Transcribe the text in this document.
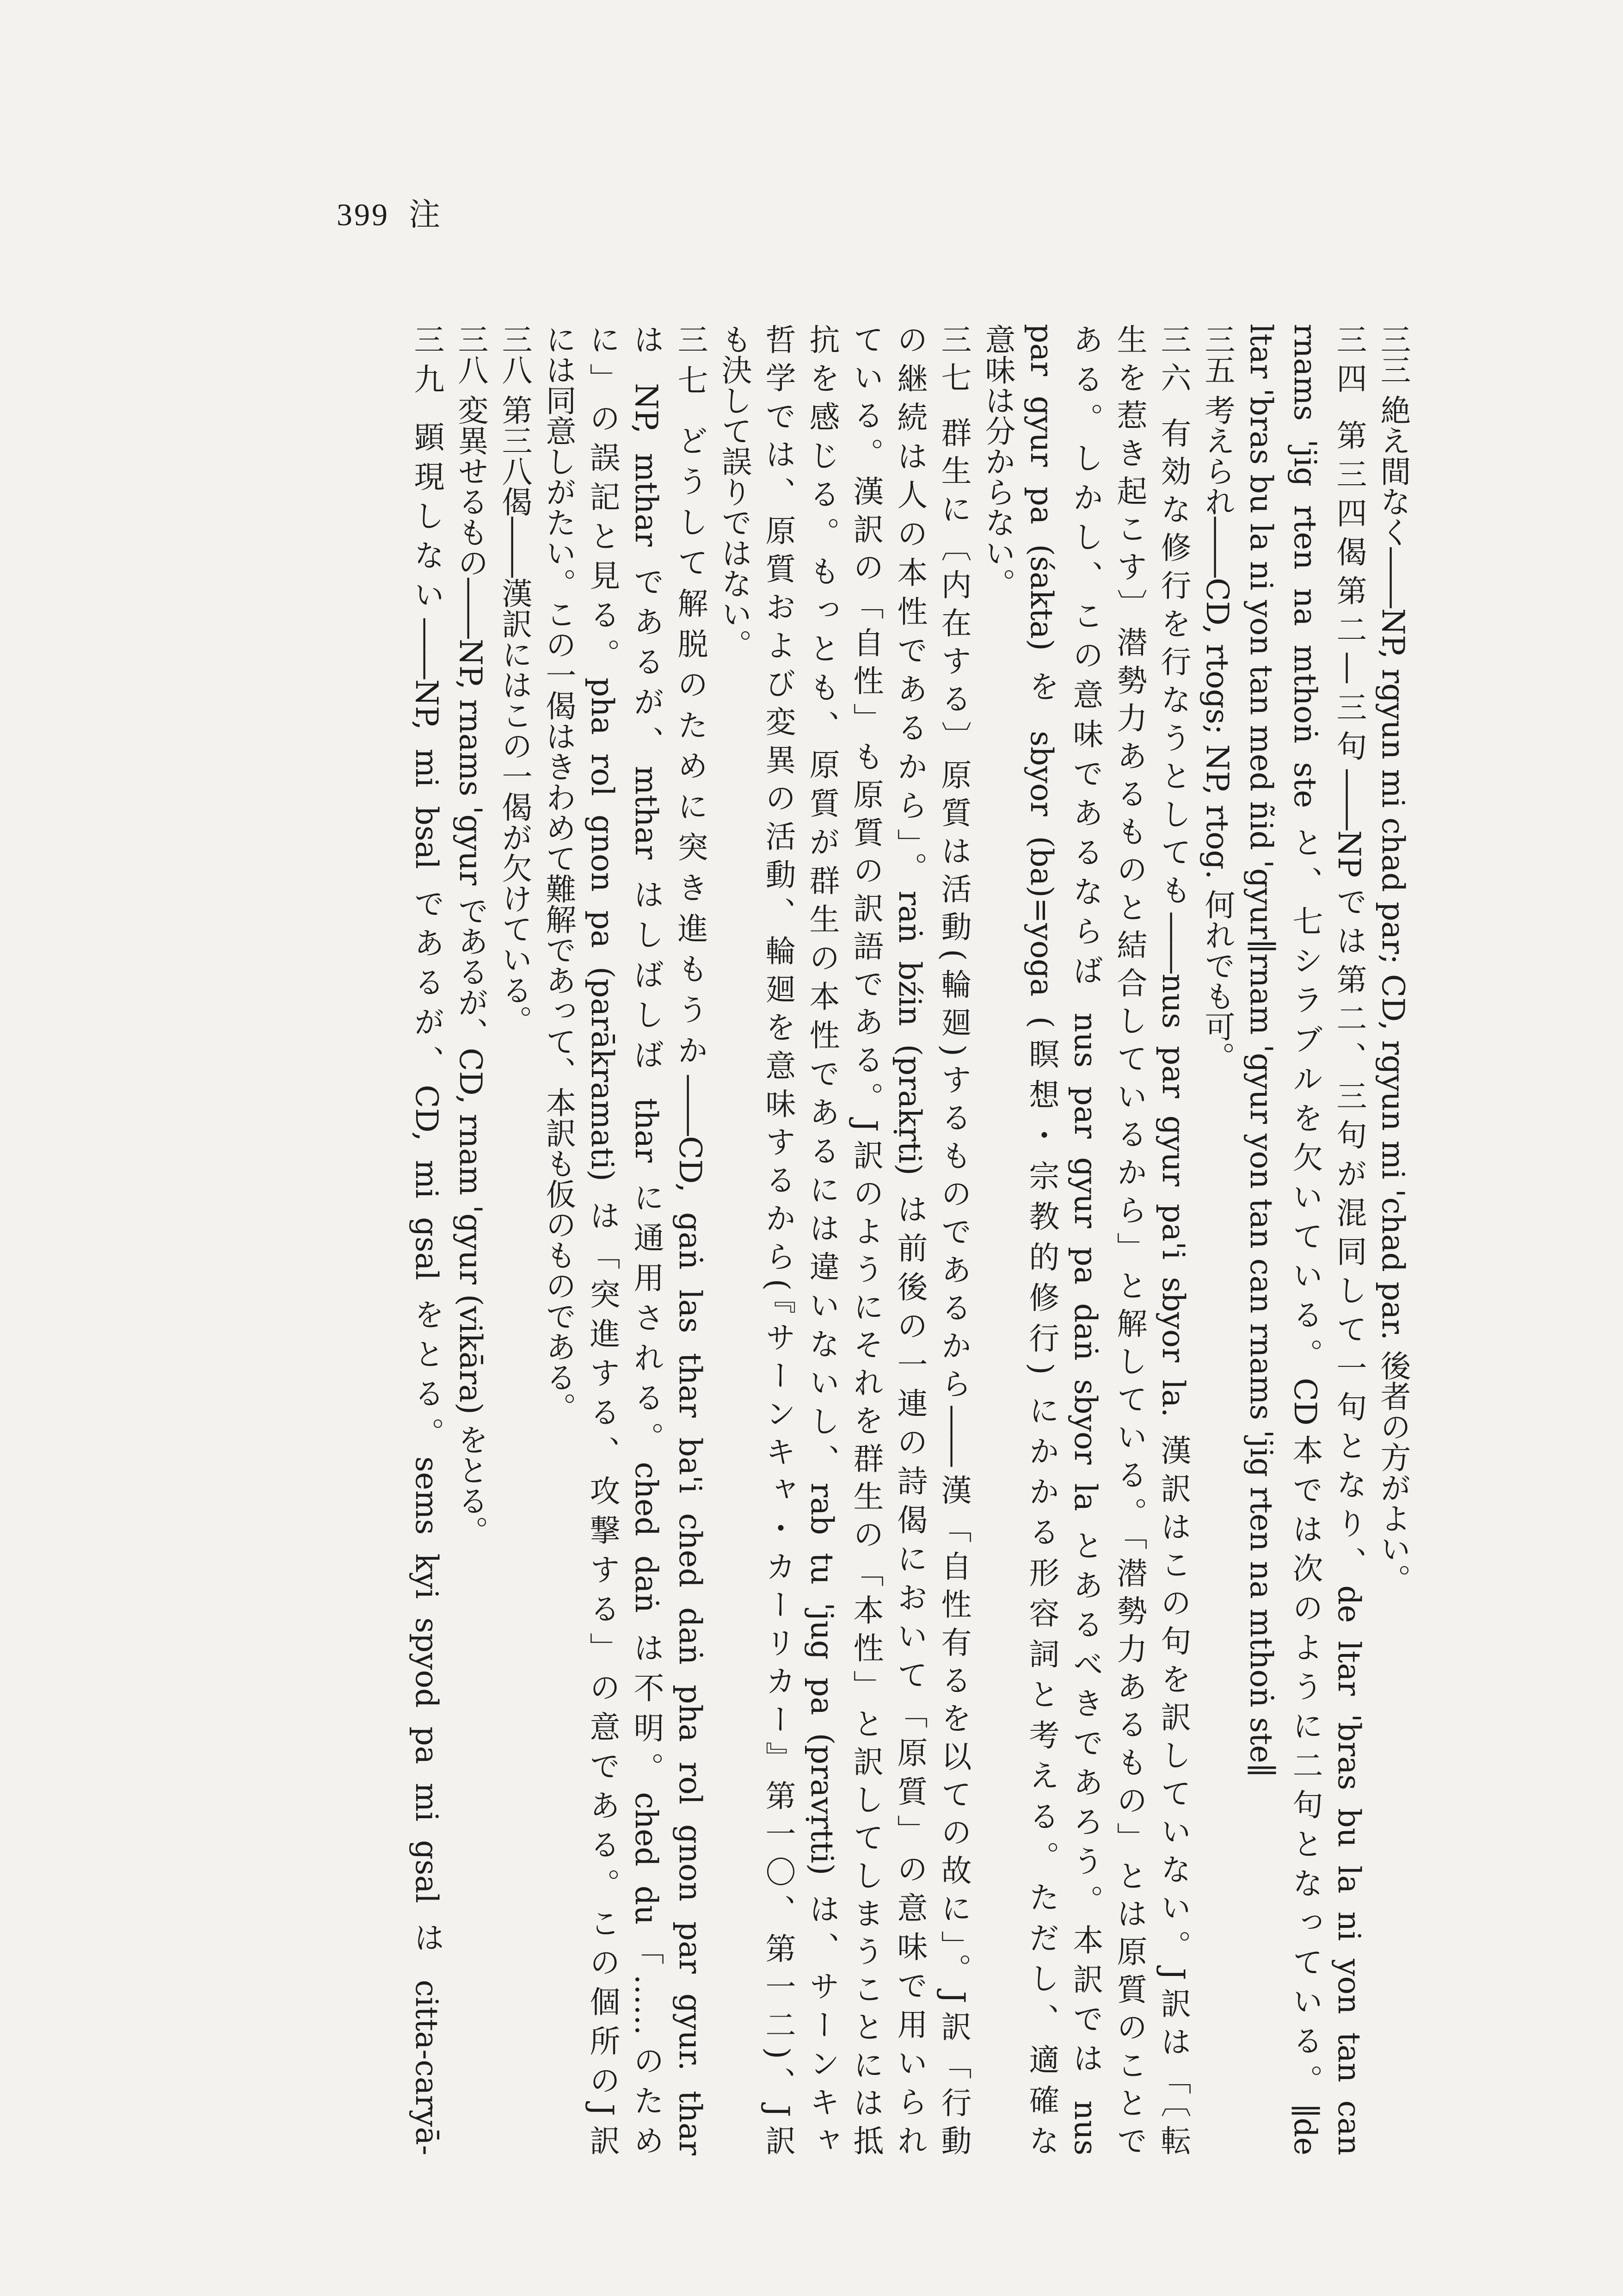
399 注
三三 絶え間なく――NP, rgyun mi chad par; CD, rgyun mi 'chad par. 後者の方がよい。
三四 第三四偈第二―三句――NPでは第二、三句が混同して一句となり、de ltar 'bras bu la ni yon tan can
rnams 'jig rten na mthoṅ ste と、七シラブルを欠いている。CD本では次のように二句となっている。∥de
ltar 'bras bu la ni yon tan med ñid 'gyur∥rnam 'gyur yon tan can rnams 'jig rten na mthoṅ ste∥
三五 考えられ――CD, rtogs; NP, rtog. 何れでも可。
三六 有効な修行を行なうとしても――nus par gyur pa'i sbyor la. 漢訳はこの句を訳していない。J訳は「〔転
生を惹き起こす〕潜勢力あるものと結合しているから」と解している。「潜勢力あるもの」とは原質のことで
ある。しかし、この意味であるならば nus par gyur pa daṅ sbyor la とあるべきであろう。本訳では nus
par gyur pa (śakta) を sbyor (ba)=yoga (瞑想・宗教的修行) にかかる形容詞と考える。ただし、適確な
意味は分からない。
三七 群生に〔内在する〕原質は活動(輪廻)するものであるから――漢「自性有るを以ての故に」。J訳「行動
の継続は人の本性であるから」。raṅ bźin (prakṛti) は前後の一連の詩偈において「原質」の意味で用いられ
ている。漢訳の「自性」も原質の訳語である。J訳のようにそれを群生の「本性」と訳してしまうことには抵
抗を感じる。もっとも、原質が群生の本性であるには違いないし、rab tu 'jug pa (pravṛtti) は、サーンキャ
哲学では、原質および変異の活動、輪廻を意味するから(『サーンキャ・カーリカー』第一〇、第一二)、J訳
も決して誤りではない。
三七 どうして解脱のために突き進もうか――CD, gaṅ las thar ba'i ched daṅ pha rol gnon par gyur. thar
は NP, mthar であるが、mthar はしばしば thar に通用される。ched daṅ は不明。ched du「……のため
に」の誤記と見る。pha rol gnon pa (parākramati) は「突進する、攻撃する」の意である。この個所のJ訳
には同意しがたい。この一偈はきわめて難解であって、本訳も仮のものである。
三八 第三八偈――漢訳にはこの一偈が欠けている。
三八 変異せるもの――NP, rnams 'gyur であるが、CD, rnam 'gyur (vikāra) をとる。
三九 顕現しない――NP, mi bsal であるが、CD, mi gsal をとる。sems kyi spyod pa mi gsal は citta-caryā-
